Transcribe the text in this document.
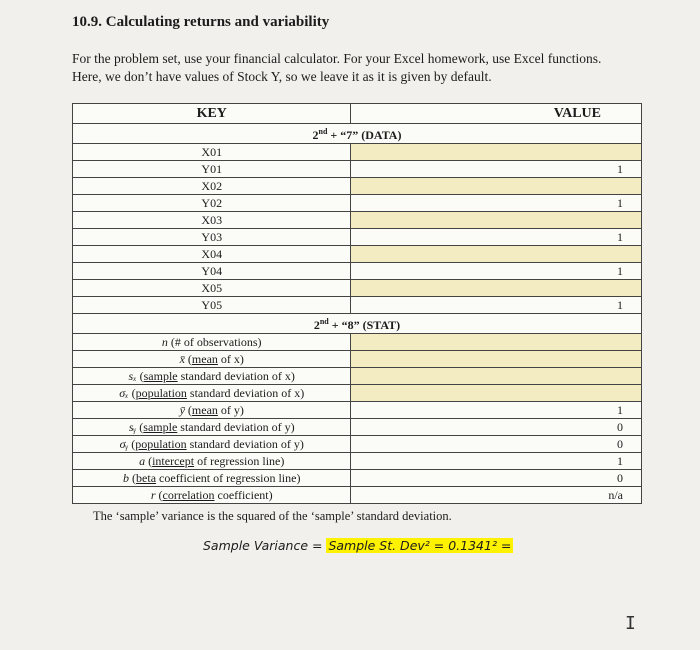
10.9. Calculating returns and variability
For the problem set, use your financial calculator. For your Excel homework, use Excel functions.
Here, we don’t have values of Stock Y, so we leave it as it is given by default.
KEY	VALUE
2nd + “7” (DATA)	
X01	
Y01	1
X02	
Y02	1
X03	
Y03	1
X04	
Y04	1
X05	
Y05	1
2nd + “8” (STAT)	
n (# of observations)	
x̄ (mean of x)	
sₓ (sample standard deviation of x)	
σₓ (population standard deviation of x)	
ȳ (mean of y)	1
sᵧ (sample standard deviation of y)	0
σᵧ (population standard deviation of y)	0
a (intercept of regression line)	1
b (beta coefficient of regression line)	0
r (correlation coefficient)	n/a
The ‘sample’ variance is the squared of the ‘sample’ standard deviation.
Sample Variance = Sample St. Dev² = 0.1341² =
I
